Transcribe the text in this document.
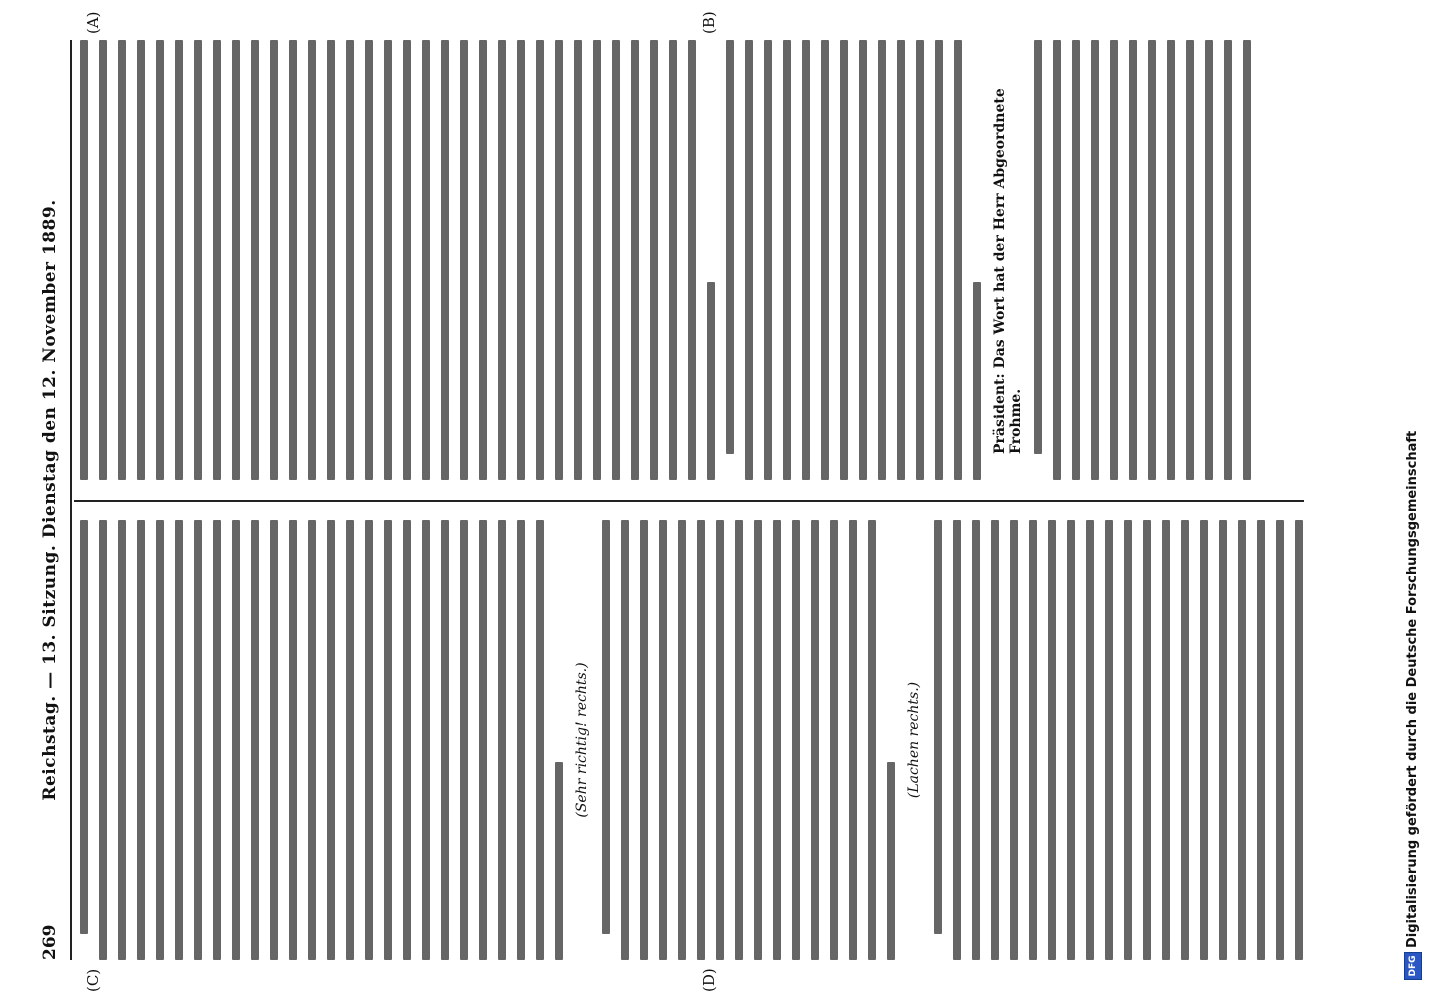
269
Reichstag. — 13. Sitzung. Dienstag den 12. November 1889.
(C)
(A)
(D)
(B)
(Sehr richtig! rechts.)	(Lachen rechts.)
Präsident: Das Wort hat der Herr Abgeordnete Frohme.
DFG
Digitalisierung gefördert durch die Deutsche Forschungsgemeinschaft
